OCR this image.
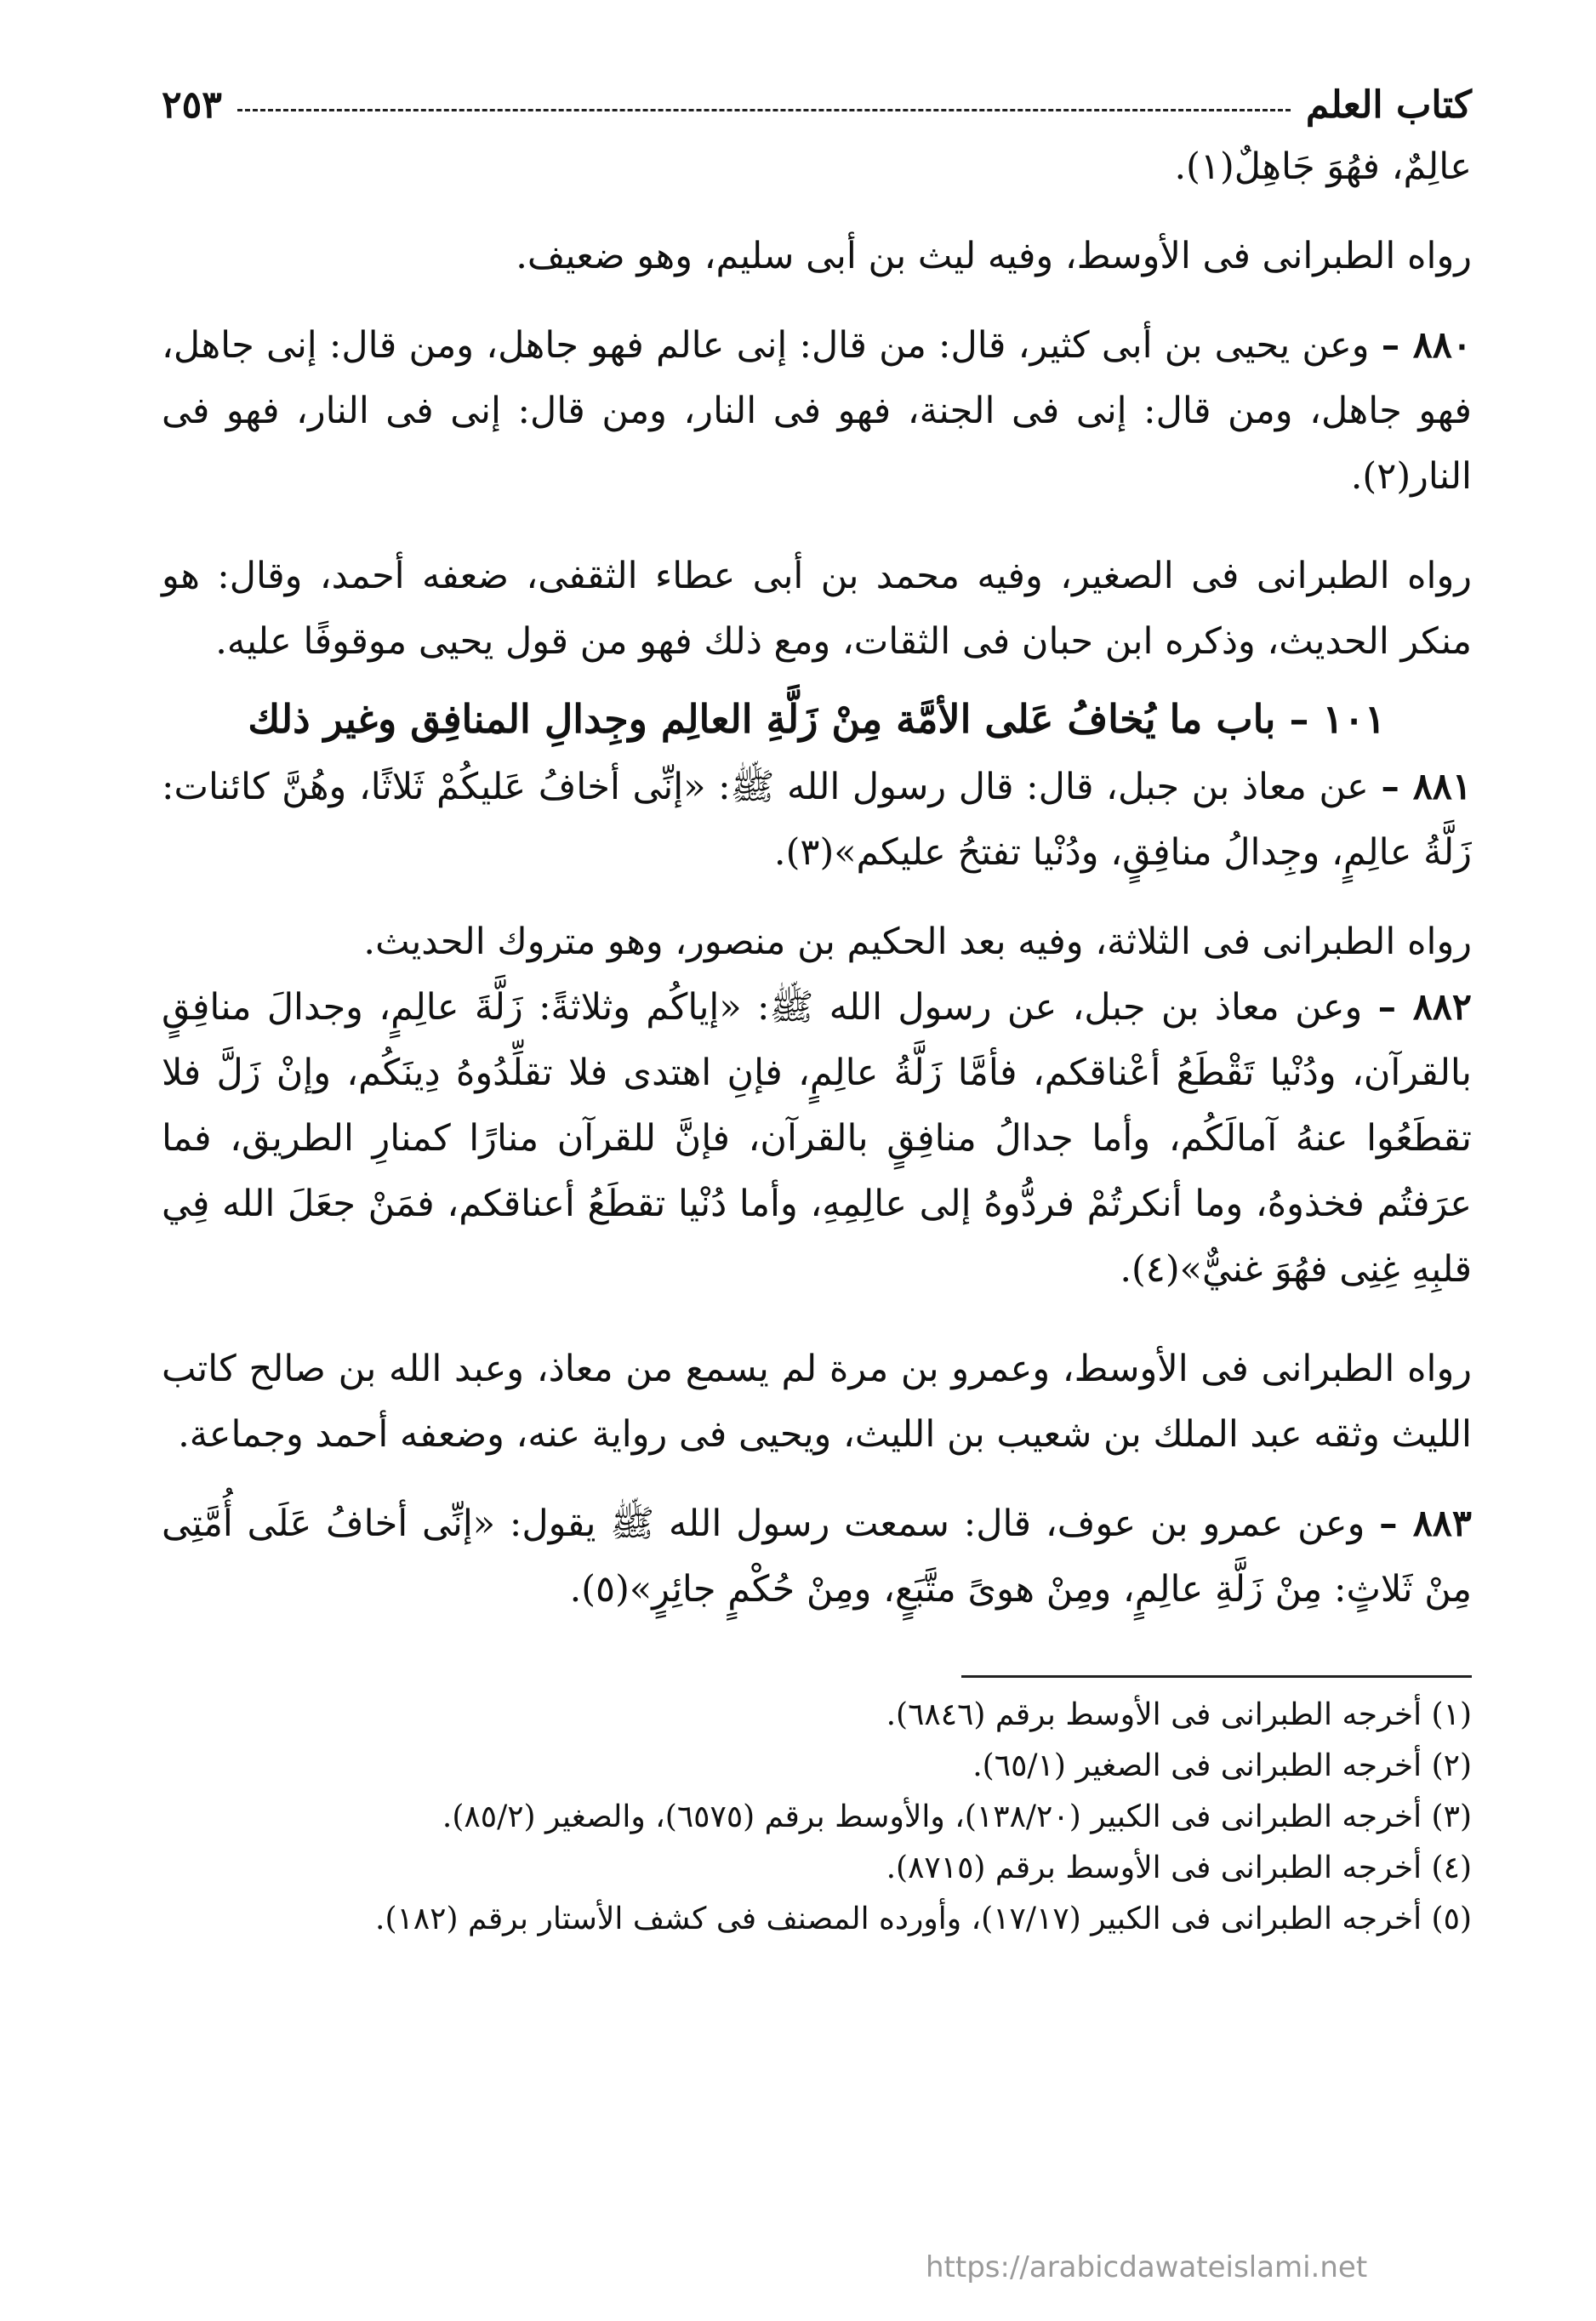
كتاب العلم
٢٥٣

عالِمٌ، فهُوَ جَاهِلٌ(١).

رواه الطبرانى فى الأوسط، وفيه ليث بن أبى سليم، وهو ضعيف.

٨٨٠ – وعن يحيى بن أبى كثير، قال: من قال: إنى عالم فهو جاهل، ومن قال: إنى جاهل، فهو جاهل، ومن قال: إنى فى الجنة، فهو فى النار، ومن قال: إنى فى النار، فهو فى النار(٢).

رواه الطبرانى فى الصغير، وفيه محمد بن أبى عطاء الثقفى، ضعفه أحمد، وقال: هو منكر الحديث، وذكره ابن حبان فى الثقات، ومع ذلك فهو من قول يحيى موقوفًا عليه.

١٠١ – باب ما يُخافُ عَلى الأمَّة مِنْ زَلَّةِ العالِم وجِدالِ المنافِق وغير ذلك

٨٨١ – عن معاذ بن جبل، قال: قال رسول الله ﷺ: «إنِّى أخافُ عَليكُمْ ثَلاثًا، وهُنَّ كائنات: زَلَّةُ عالِمٍ، وجِدالُ منافِقٍ، ودُنْيا تفتحُ عليكم»(٣).

رواه الطبرانى فى الثلاثة، وفيه بعد الحكيم بن منصور، وهو متروك الحديث.

٨٨٢ – وعن معاذ بن جبل، عن رسول الله ﷺ: «إياكُم وثلاثةً: زَلَّةَ عالِمٍ، وجدالَ منافِقٍ بالقرآن، ودُنْيا تَقْطَعُ أعْناقكم، فأمَّا زَلَّةُ عالِمٍ، فإنِ اهتدى فلا تقلِّدُوهُ دِينَكُم، وإنْ زَلَّ فلا تقطَعُوا عنهُ آمالَكُم، وأما جدالُ منافِقٍ بالقرآن، فإنَّ للقرآن منارًا كمنارِ الطريق، فما عرَفتُم فخذوهُ، وما أنكرتُمْ فردُّوهُ إلى عالِمِهِ، وأما دُنْيا تقطَعُ أعناقكم، فمَنْ جعَلَ الله فِي قلبِهِ غِنِى فهُوَ غنيٌّ»(٤).

رواه الطبرانى فى الأوسط، وعمرو بن مرة لم يسمع من معاذ، وعبد الله بن صالح كاتب الليث وثقه عبد الملك بن شعيب بن الليث، ويحيى فى رواية عنه، وضعفه أحمد وجماعة.

٨٨٣ – وعن عمرو بن عوف، قال: سمعت رسول الله ﷺ يقول: «إنِّى أخافُ عَلَى أُمَّتِى مِنْ ثَلاثٍ: مِنْ زَلَّةِ عالِمٍ، ومِنْ هوىً متَّبَعٍ، ومِنْ حُكْمٍ جائِرٍ»(٥).

(١) أخرجه الطبرانى فى الأوسط برقم (٦٨٤٦).

(٢) أخرجه الطبرانى فى الصغير (٦٥/١).

(٣) أخرجه الطبرانى فى الكبير (١٣٨/٢٠)، والأوسط برقم (٦٥٧٥)، والصغير (٨٥/٢).

(٤) أخرجه الطبرانى فى الأوسط برقم (٨٧١٥).

(٥) أخرجه الطبرانى فى الكبير (١٧/١٧)، وأورده المصنف فى كشف الأستار برقم (١٨٢).

https://arabicdawateislami.net
